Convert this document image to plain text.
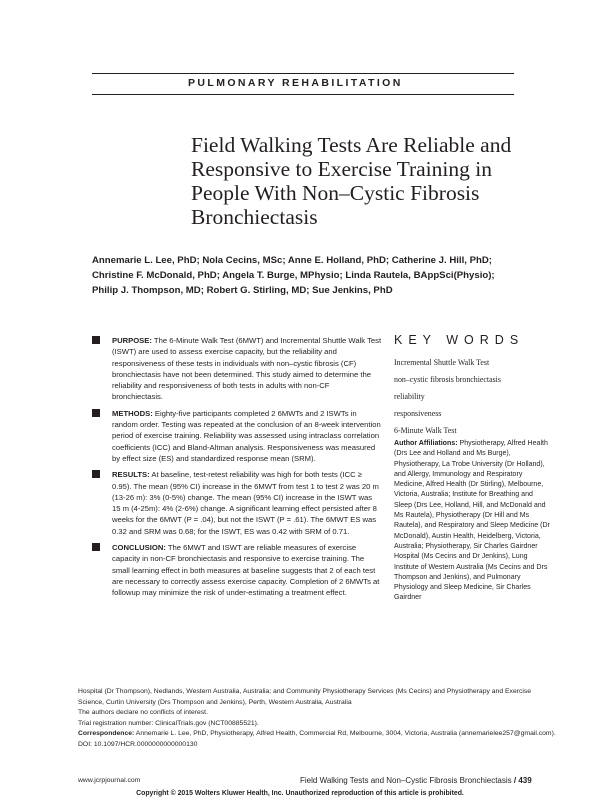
PULMONARY REHABILITATION
Field Walking Tests Are Reliable and
Responsive to Exercise Training in
People With Non–Cystic Fibrosis
Bronchiectasis
Annemarie L. Lee, PhD; Nola Cecins, MSc; Anne E. Holland, PhD; Catherine J. Hill, PhD;
Christine F. McDonald, PhD; Angela T. Burge, MPhysio; Linda Rautela, BAppSci(Physio);
Philip J. Thompson, MD; Robert G. Stirling, MD; Sue Jenkins, PhD
PURPOSE: The 6-Minute Walk Test (6MWT) and Incremental Shuttle Walk Test (ISWT) are used to assess exercise capacity, but the reliability and responsiveness of these tests in individuals with non–cystic fibrosis (CF) bronchiectasis have not been determined. This study aimed to determine the reliability and responsiveness of both tests in adults with non-CF bronchiectasis.
METHODS: Eighty-five participants completed 2 6MWTs and 2 ISWTs in random order. Testing was repeated at the conclusion of an 8-week intervention period of exercise training. Reliability was assessed using intraclass correlation coefficients (ICC) and Bland-Altman analysis. Responsiveness was measured by effect size (ES) and standardized response mean (SRM).
RESULTS: At baseline, test-retest reliability was high for both tests (ICC ≥ 0.95). The mean (95% CI) increase in the 6MWT from test 1 to test 2 was 20 m (13-26 m): 3% (0-5%) change. The mean (95% CI) increase in the ISWT was 15 m (4-25m): 4% (2-6%) change. A significant learning effect persisted after 8 weeks for the 6MWT (P = .04), but not the ISWT (P = .61). The 6MWT ES was 0.32 and SRM was 0.68; for the ISWT, ES was 0.42 with SRM of 0.71.
CONCLUSION: The 6MWT and ISWT are reliable measures of exercise capacity in non-CF bronchiectasis and responsive to exercise training. The small learning effect in both measures at baseline suggests that 2 of each test are necessary to correctly assess exercise capacity. Completion of 2 6MWTs at followup may minimize the risk of under-estimating a treatment effect.
KEY WORDS
Incremental Shuttle Walk Test
non–cystic fibrosis bronchiectasis
reliability
responsiveness
6-Minute Walk Test
Author Affiliations: Physiotherapy, Alfred Health (Drs Lee and Holland and Ms Burge), Physiotherapy, La Trobe University (Dr Holland), and Allergy, Immunology and Respiratory Medicine, Alfred Health (Dr Stirling), Melbourne, Victoria, Australia; Institute for Breathing and Sleep (Drs Lee, Holland, Hill, and McDonald and Ms Rautela), Physiotherapy (Dr Hill and Ms Rautela), and Respiratory and Sleep Medicine (Dr McDonald), Austin Health, Heidelberg, Victoria, Australia; Physiotherapy, Sir Charles Gairdner Hospital (Ms Cecins and Dr Jenkins), Lung Institute of Western Australia (Ms Cecins and Drs Thompson and Jenkins), and Pulmonary Physiology and Sleep Medicine, Sir Charles Gairdner
Hospital (Dr Thompson), Nedlands, Western Australia, Australia; and Community Physiotherapy Services (Ms Cecins) and Physiotherapy and Exercise Science, Curtin University (Drs Thompson and Jenkins), Perth, Western Australia, Australia
The authors declare no conflicts of interest.
Trial registration number: ClinicalTrials.gov (NCT00885521).
Correspondence: Annemarie L. Lee, PhD, Physiotherapy, Alfred Health, Commercial Rd, Melbourne, 3004, Victoria, Australia (annemarielee257@gmail.com).
DOI: 10.1097/HCR.0000000000000130
www.jcrpjournal.com	Field Walking Tests and Non–Cystic Fibrosis Bronchiectasis / 439
Copyright © 2015 Wolters Kluwer Health, Inc. Unauthorized reproduction of this article is prohibited.
